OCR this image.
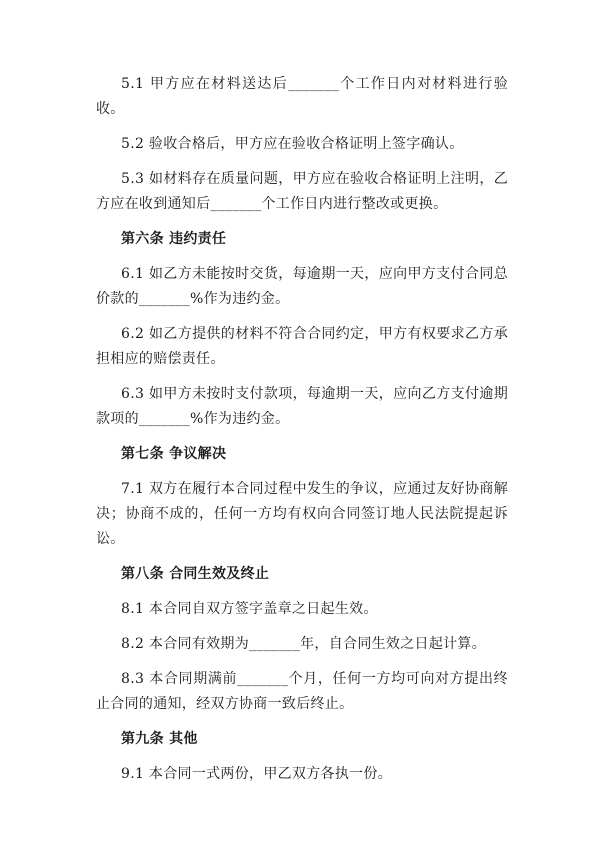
5.1 甲方应在材料送达后_______个工作日内对材料进行验收。

5.2 验收合格后，甲方应在验收合格证明上签字确认。

5.3 如材料存在质量问题，甲方应在验收合格证明上注明，乙方应在收到通知后_______个工作日内进行整改或更换。

第六条 违约责任

6.1 如乙方未能按时交货，每逾期一天，应向甲方支付合同总价款的_______%作为违约金。

6.2 如乙方提供的材料不符合合同约定，甲方有权要求乙方承担相应的赔偿责任。

6.3 如甲方未按时支付款项，每逾期一天，应向乙方支付逾期款项的_______%作为违约金。

第七条 争议解决

7.1 双方在履行本合同过程中发生的争议，应通过友好协商解决；协商不成的，任何一方均有权向合同签订地人民法院提起诉讼。

第八条 合同生效及终止

8.1 本合同自双方签字盖章之日起生效。

8.2 本合同有效期为_______年，自合同生效之日起计算。

8.3 本合同期满前_______个月，任何一方均可向对方提出终止合同的通知，经双方协商一致后终止。

第九条 其他

9.1 本合同一式两份，甲乙双方各执一份。
